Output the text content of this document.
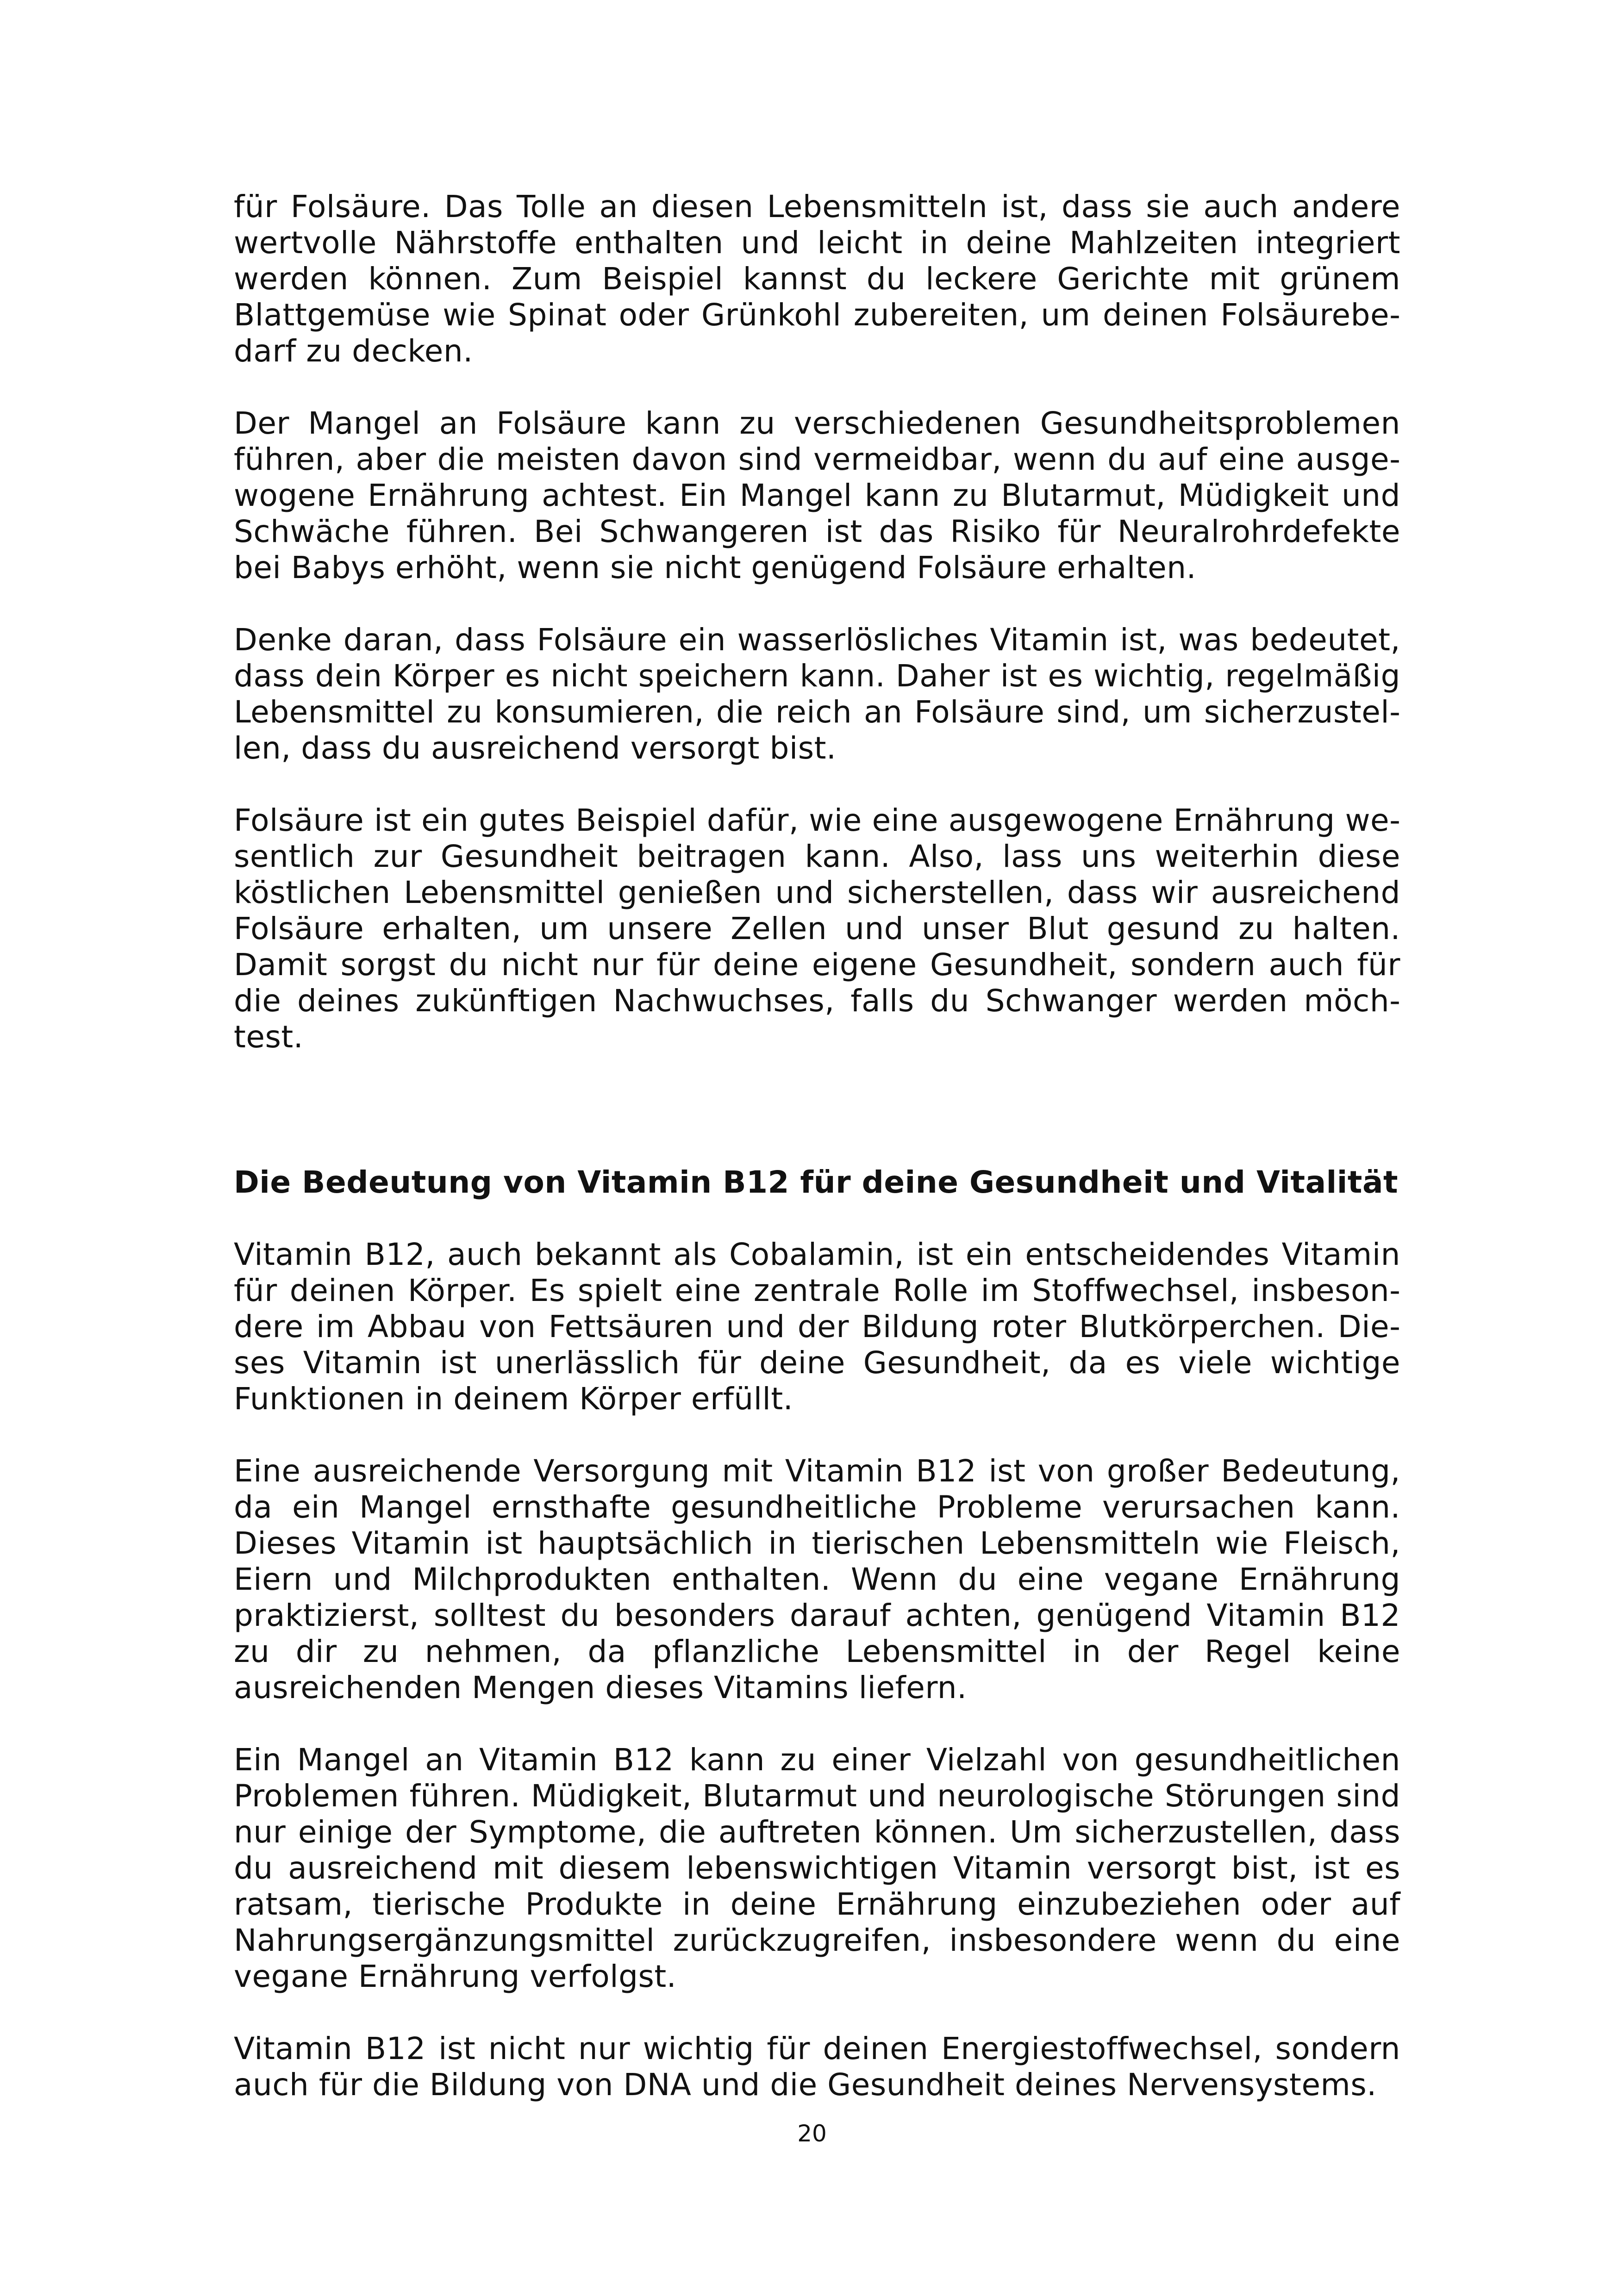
für Folsäure. Das Tolle an diesen Lebensmitteln ist, dass sie auch andere wertvolle Nährstoffe enthalten und leicht in deine Mahlzeiten integriert werden können. Zum Beispiel kannst du leckere Gerichte mit grünem Blattgemüse wie Spinat oder Grünkohl zubereiten, um deinen Folsäurebedarf zu decken.

Der Mangel an Folsäure kann zu verschiedenen Gesundheitsproblemen führen, aber die meisten davon sind vermeidbar, wenn du auf eine ausgewogene Ernährung achtest. Ein Mangel kann zu Blutarmut, Müdigkeit und Schwäche führen. Bei Schwangeren ist das Risiko für Neuralrohrdefekte bei Babys erhöht, wenn sie nicht genügend Folsäure erhalten.

Denke daran, dass Folsäure ein wasserlösliches Vitamin ist, was bedeutet, dass dein Körper es nicht speichern kann. Daher ist es wichtig, regelmäßig Lebensmittel zu konsumieren, die reich an Folsäure sind, um sicherzustellen, dass du ausreichend versorgt bist.

Folsäure ist ein gutes Beispiel dafür, wie eine ausgewogene Ernährung wesentlich zur Gesundheit beitragen kann. Also, lass uns weiterhin diese köstlichen Lebensmittel genießen und sicherstellen, dass wir ausreichend Folsäure erhalten, um unsere Zellen und unser Blut gesund zu halten. Damit sorgst du nicht nur für deine eigene Gesundheit, sondern auch für die deines zukünftigen Nachwuchses, falls du Schwanger werden möchtest.

Die Bedeutung von Vitamin B12 für deine Gesundheit und Vitalität

Vitamin B12, auch bekannt als Cobalamin, ist ein entscheidendes Vitamin für deinen Körper. Es spielt eine zentrale Rolle im Stoffwechsel, insbesondere im Abbau von Fettsäuren und der Bildung roter Blutkörperchen. Dieses Vitamin ist unerlässlich für deine Gesundheit, da es viele wichtige Funktionen in deinem Körper erfüllt.

Eine ausreichende Versorgung mit Vitamin B12 ist von großer Bedeutung, da ein Mangel ernsthafte gesundheitliche Probleme verursachen kann. Dieses Vitamin ist hauptsächlich in tierischen Lebensmitteln wie Fleisch, Eiern und Milchprodukten enthalten. Wenn du eine vegane Ernährung praktizierst, solltest du besonders darauf achten, genügend Vitamin B12 zu dir zu nehmen, da pflanzliche Lebensmittel in der Regel keine ausreichenden Mengen dieses Vitamins liefern.

Ein Mangel an Vitamin B12 kann zu einer Vielzahl von gesundheitlichen Problemen führen. Müdigkeit, Blutarmut und neurologische Störungen sind nur einige der Symptome, die auftreten können. Um sicherzustellen, dass du ausreichend mit diesem lebenswichtigen Vitamin versorgt bist, ist es ratsam, tierische Produkte in deine Ernährung einzubeziehen oder auf Nahrungsergänzungsmittel zurückzugreifen, insbesondere wenn du eine vegane Ernährung verfolgst.

Vitamin B12 ist nicht nur wichtig für deinen Energiestoffwechsel, sondern auch für die Bildung von DNA und die Gesundheit deines Nervensystems.

20
